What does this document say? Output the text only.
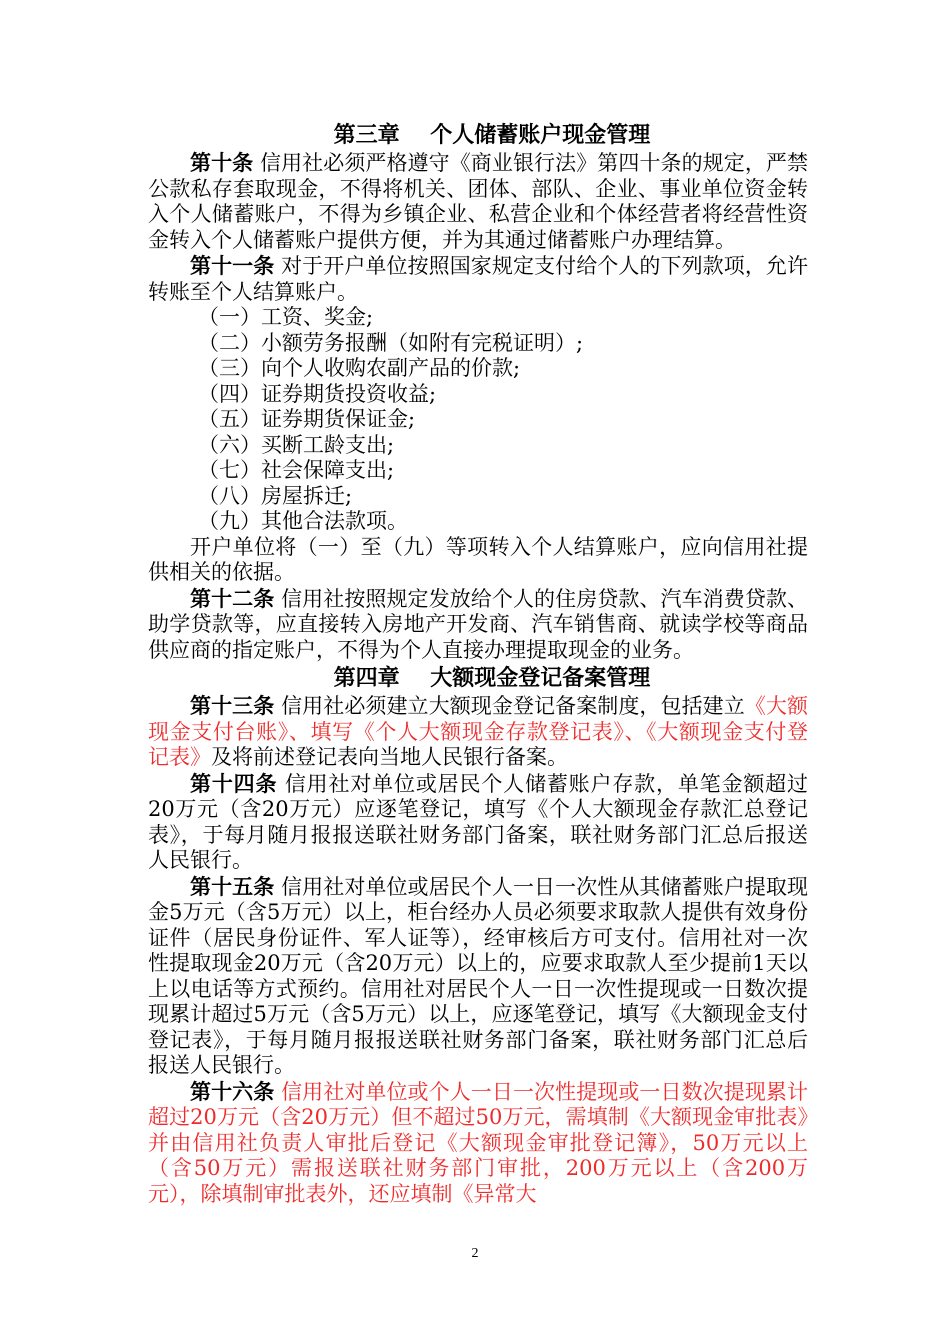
第三章    个人储蓄账户现金管理

第十条 信用社必须严格遵守《商业银行法》第四十条的规定，严禁公款私存套取现金，不得将机关、团体、部队、企业、事业单位资金转入个人储蓄账户，不得为乡镇企业、私营企业和个体经营者将经营性资金转入个人储蓄账户提供方便，并为其通过储蓄账户办理结算。

第十一条 对于开户单位按照国家规定支付给个人的下列款项，允许转账至个人结算账户。

（一）工资、奖金;

（二）小额劳务报酬（如附有完税证明）;

（三）向个人收购农副产品的价款;

（四）证券期货投资收益;

（五）证券期货保证金;

（六）买断工龄支出;

（七）社会保障支出;

（八）房屋拆迁;

（九）其他合法款项。

开户单位将（一）至（九）等项转入个人结算账户，应向信用社提供相关的依据。

第十二条 信用社按照规定发放给个人的住房贷款、汽车消费贷款、助学贷款等，应直接转入房地产开发商、汽车销售商、就读学校等商品供应商的指定账户，不得为个人直接办理提取现金的业务。

第四章    大额现金登记备案管理

第十三条 信用社必须建立大额现金登记备案制度，包括建立《大额现金支付台账》、填写《个人大额现金存款登记表》、《大额现金支付登记表》及将前述登记表向当地人民银行备案。

第十四条 信用社对单位或居民个人储蓄账户存款，单笔金额超过20万元（含20万元）应逐笔登记，填写《个人大额现金存款汇总登记表》，于每月随月报报送联社财务部门备案，联社财务部门汇总后报送人民银行。

第十五条 信用社对单位或居民个人一日一次性从其储蓄账户提取现金5万元（含5万元）以上，柜台经办人员必须要求取款人提供有效身份证件（居民身份证件、军人证等），经审核后方可支付。信用社对一次性提取现金20万元（含20万元）以上的，应要求取款人至少提前1天以上以电话等方式预约。信用社对居民个人一日一次性提现或一日数次提现累计超过5万元（含5万元）以上，应逐笔登记，填写《大额现金支付登记表》，于每月随月报报送联社财务部门备案，联社财务部门汇总后报送人民银行。

第十六条 信用社对单位或个人一日一次性提现或一日数次提现累计超过20万元（含20万元）但不超过50万元，需填制《大额现金审批表》并由信用社负责人审批后登记《大额现金审批登记簿》，50万元以上（含50万元）需报送联社财务部门审批，200万元以上（含200万元），除填制审批表外，还应填制《异常大

2
